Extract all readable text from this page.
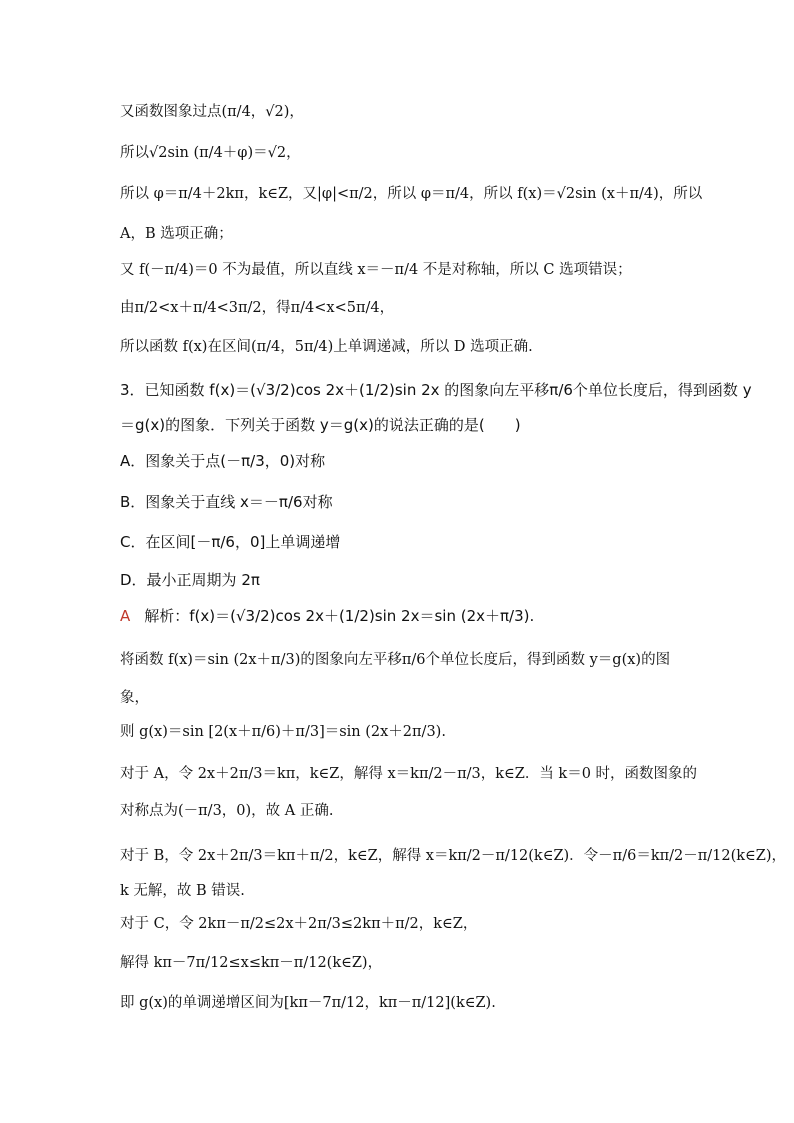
又函数图象过点(π/4，√2)，
所以√2sin (π/4＋φ)＝√2，
所以 φ＝π/4＋2kπ，k∈Z，又|φ|<π/2，所以 φ＝π/4，所以 f(x)＝√2sin (x＋π/4)，所以
A，B 选项正确；
又 f(－π/4)＝0 不为最值，所以直线 x＝－π/4 不是对称轴，所以 C 选项错误；
由π/2<x＋π/4<3π/2，得π/4<x<5π/4，
所以函数 f(x)在区间(π/4，5π/4)上单调递减，所以 D 选项正确.
3．已知函数 f(x)＝(√3/2)cos 2x＋(1/2)sin 2x 的图象向左平移π/6个单位长度后，得到函数 y
＝g(x)的图象．下列关于函数 y＝g(x)的说法正确的是(　　)
A．图象关于点(－π/3，0)对称
B．图象关于直线 x＝－π/6对称
C．在区间[－π/6，0]上单调递增
D．最小正周期为 2π
A 解析：f(x)＝(√3/2)cos 2x＋(1/2)sin 2x＝sin (2x＋π/3).
将函数 f(x)＝sin (2x＋π/3)的图象向左平移π/6个单位长度后，得到函数 y＝g(x)的图
象，
则 g(x)＝sin [2(x＋π/6)＋π/3]＝sin (2x＋2π/3).
对于 A，令 2x＋2π/3＝kπ，k∈Z，解得 x＝kπ/2－π/3，k∈Z．当 k＝0 时，函数图象的
对称点为(－π/3，0)，故 A 正确.
对于 B，令 2x＋2π/3＝kπ＋π/2，k∈Z，解得 x＝kπ/2－π/12(k∈Z)．令－π/6＝kπ/2－π/12(k∈Z)，
k 无解，故 B 错误.
对于 C，令 2kπ－π/2≤2x＋2π/3≤2kπ＋π/2，k∈Z，
解得 kπ－7π/12≤x≤kπ－π/12(k∈Z)，
即 g(x)的单调递增区间为[kπ－7π/12，kπ－π/12](k∈Z).
